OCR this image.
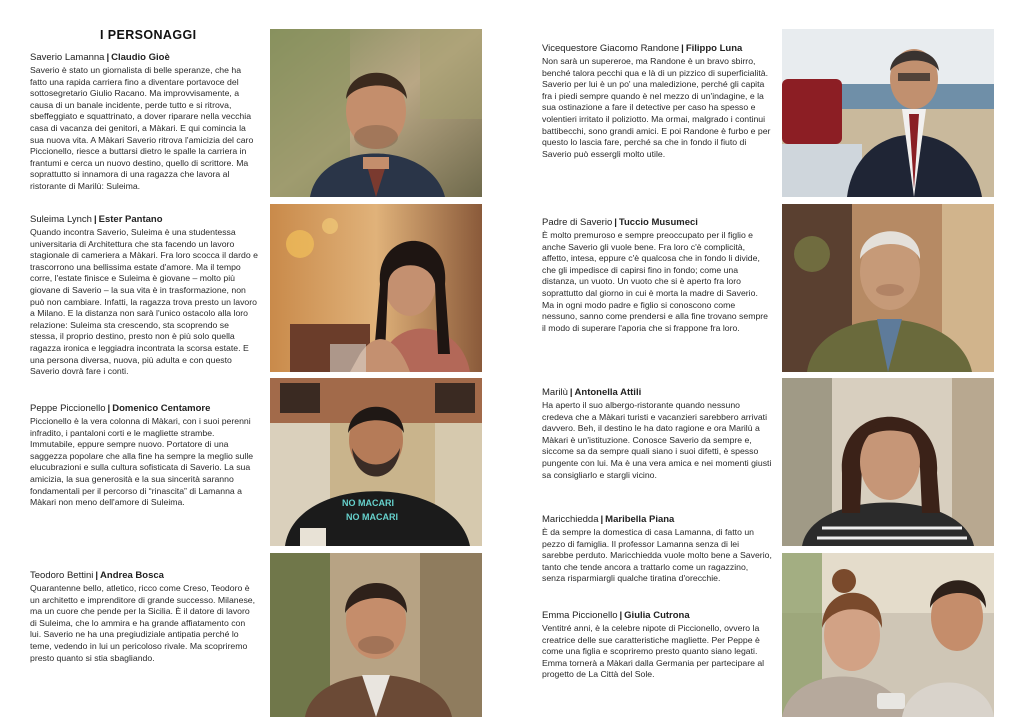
I PERSONAGGI
Saverio Lamanna | Claudio Gioè
Saverio è stato un giornalista di belle speranze, che ha fatto una rapida carriera fino a diventare portavoce del sottosegretario Giulio Racano. Ma improvvisamente, a causa di un banale incidente, perde tutto e si ritrova, sbeffeggiato e squattrinato, a dover riparare nella vecchia casa di vacanza dei genitori, a Màkari. E qui comincia la sua nuova vita. A Màkari Saverio ritrova l'amicizia del caro Piccionello, riesce a buttarsi dietro le spalle la carriera in frantumi e cerca un nuovo destino, quello di scrittore. Ma soprattutto si innamora di una ragazza che lavora al ristorante di Marilù: Suleima.
Suleima Lynch | Ester Pantano
Quando incontra Saverio, Suleima è una studentessa universitaria di Architettura che sta facendo un lavoro stagionale di cameriera a Màkari. Fra loro scocca il dardo e trascorrono una bellissima estate d'amore. Ma il tempo corre, l'estate finisce e Suleima è giovane – molto più giovane di Saverio – la sua vita è in trasformazione, non può non cambiare. Infatti, la ragazza trova presto un lavoro a Milano. E la distanza non sarà l'unico ostacolo alla loro relazione: Suleima sta crescendo, sta scoprendo se stessa, il proprio destino, presto non è più solo quella ragazza ironica e leggiadra incontrata la scorsa estate. E una persona diversa, nuova, più adulta e con questo Saverio dovrà fare i conti.
Peppe Piccionello | Domenico Centamore
Piccionello è la vera colonna di Màkari, con i suoi perenni infradito, i pantaloni corti e le magliette strambe. Immutabile, eppure sempre nuovo. Portatore di una saggezza popolare che alla fine ha sempre la meglio sulle elucubrazioni e sulla cultura sofisticata di Saverio. La sua amicizia, la sua generosità e la sua sincerità saranno fondamentali per il percorso di “rinascita” di Lamanna a Màkari non meno dell'amore di Suleima.
Teodoro Bettini | Andrea Bosca
Quarantenne bello, atletico, ricco come Creso, Teodoro è un architetto e imprenditore di grande successo. Milanese, ma un cuore che pende per la Sicilia. È il datore di lavoro di Suleima, che lo ammira e ha grande affiatamento con lui. Saverio ne ha una pregiudiziale antipatia perché lo teme, vedendo in lui un pericoloso rivale. Ma scopriremo presto quanto si stia sbagliando.
NO MACARI
NO MACARI
Vicequestore Giacomo Randone | Filippo Luna
Non sarà un supereroe, ma Randone è un bravo sbirro, benché talora pecchi qua e là di un pizzico di superficialità. Saverio per lui è un po' una maledizione, perché gli capita fra i piedi sempre quando è nel mezzo di un'indagine, e la sua ostinazione a fare il detective per caso ha spesso e volentieri irritato il poliziotto. Ma ormai, malgrado i continui battibecchi, sono grandi amici. E poi Randone è furbo e per questo lo lascia fare, perché sa che in fondo il fiuto di Saverio può essergli molto utile.
Padre di Saverio | Tuccio Musumeci
È molto premuroso e sempre preoccupato per il figlio e anche Saverio gli vuole bene. Fra loro c'è complicità, affetto, intesa, eppure c'è qualcosa che in fondo li divide, che gli impedisce di capirsi fino in fondo; come una distanza, un vuoto. Un vuoto che si è aperto fra loro soprattutto dal giorno in cui è morta la madre di Saverio. Ma in ogni modo padre e figlio si conoscono come nessuno, sanno come prendersi e alla fine trovano sempre il modo di superare l'aporia che si frappone fra loro.
Marilù | Antonella Attili
Ha aperto il suo albergo-ristorante quando nessuno credeva che a Màkari turisti e vacanzieri sarebbero arrivati davvero. Beh, il destino le ha dato ragione e ora Marilù a Màkari è un'istituzione. Conosce Saverio da sempre e, siccome sa da sempre quali siano i suoi difetti, è spesso pungente con lui. Ma è una vera amica e nei momenti giusti sa consigliarlo e stargli vicino.
Maricchiedda | Maribella Piana
È da sempre la domestica di casa Lamanna, di fatto un pezzo di famiglia. Il professor Lamanna senza di lei sarebbe perduto. Maricchiedda vuole molto bene a Saverio, tanto che tende ancora a trattarlo come un ragazzino, senza risparmiargli qualche tiratina d'orecchie.
Emma Piccionello | Giulia Cutrona
Ventitré anni, è la celebre nipote di Piccionello, ovvero la creatrice delle sue caratteristiche magliette. Per Peppe è come una figlia e scopriremo presto quanto siano legati. Emma tornerà a Màkari dalla Germania per partecipare al progetto de La Città del Sole.
